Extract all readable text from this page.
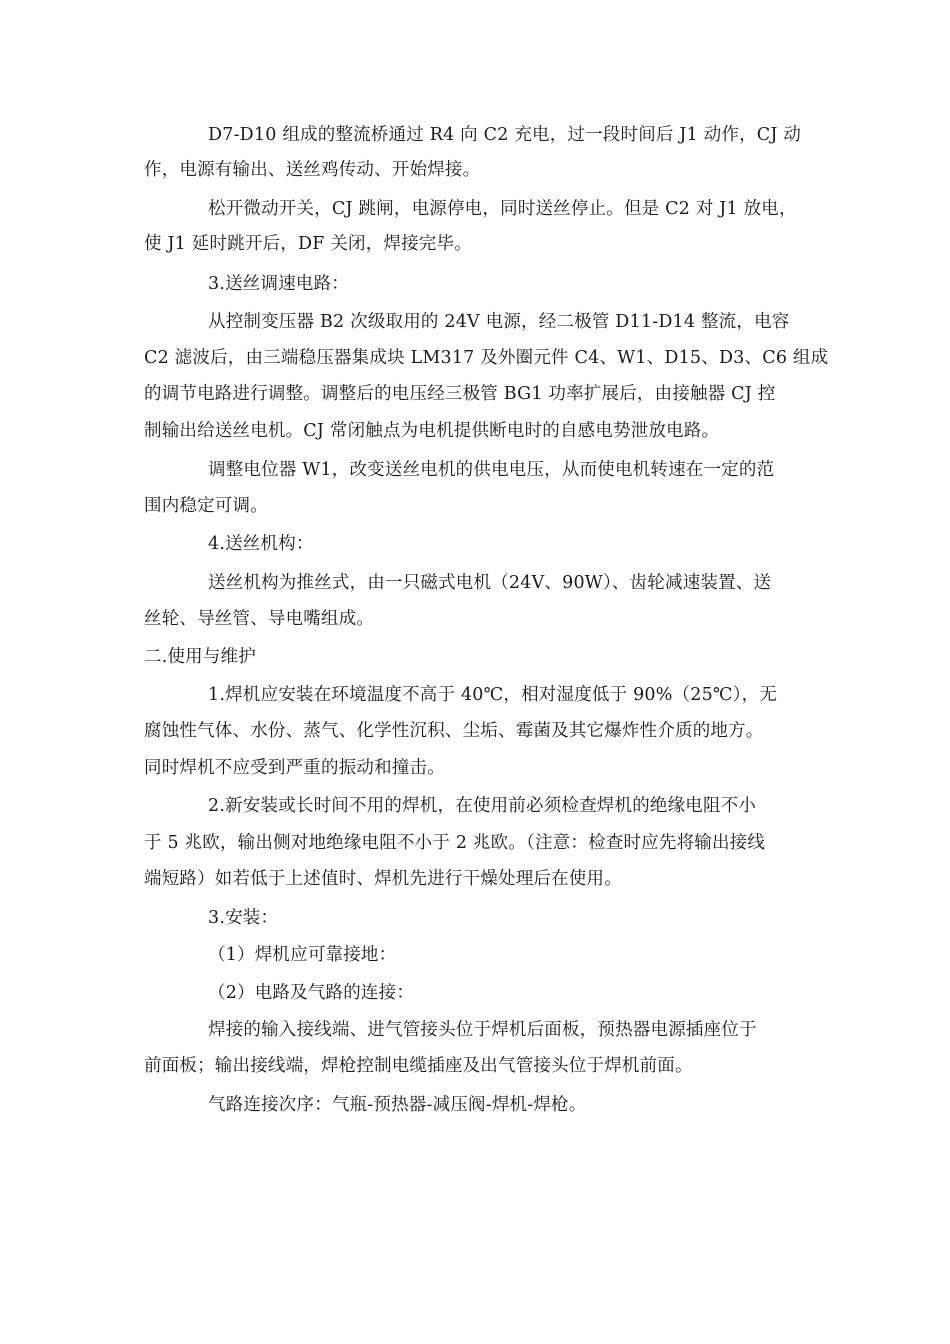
D7-D10 组成的整流桥通过 R4 向 C2 充电，过一段时间后 J1 动作，CJ 动
作，电源有输出、送丝鸡传动、开始焊接。
松开微动开关，CJ 跳闸，电源停电，同时送丝停止。但是 C2 对 J1 放电，
使 J1 延时跳开后，DF 关闭，焊接完毕。
3.送丝调速电路：
从控制变压器 B2 次级取用的 24V 电源，经二极管 D11-D14 整流，电容
C2 滤波后，由三端稳压器集成块 LM317 及外圈元件 C4、W1、D15、D3、C6 组成
的调节电路进行调整。调整后的电压经三极管 BG1 功率扩展后，由接触器 CJ 控
制输出给送丝电机。CJ 常闭触点为电机提供断电时的自感电势泄放电路。
调整电位器 W1，改变送丝电机的供电电压，从而使电机转速在一定的范
围内稳定可调。
4.送丝机构：
送丝机构为推丝式，由一只磁式电机（24V、90W）、齿轮减速装置、送
丝轮、导丝管、导电嘴组成。
二.使用与维护
1.焊机应安装在环境温度不高于 40℃，相对湿度低于 90%（25℃），无
腐蚀性气体、水份、蒸气、化学性沉积、尘垢、霉菌及其它爆炸性介质的地方。
同时焊机不应受到严重的振动和撞击。
2.新安装或长时间不用的焊机，在使用前必须检查焊机的绝缘电阻不小
于 5 兆欧，输出侧对地绝缘电阻不小于 2 兆欧。（注意：检查时应先将输出接线
端短路）如若低于上述值时、焊机先进行干燥处理后在使用。
3.安装：
（1）焊机应可靠接地：
（2）电路及气路的连接：
焊接的输入接线端、进气管接头位于焊机后面板，预热器电源插座位于
前面板；输出接线端，焊枪控制电缆插座及出气管接头位于焊机前面。
气路连接次序：气瓶-预热器-减压阀-焊机-焊枪。
